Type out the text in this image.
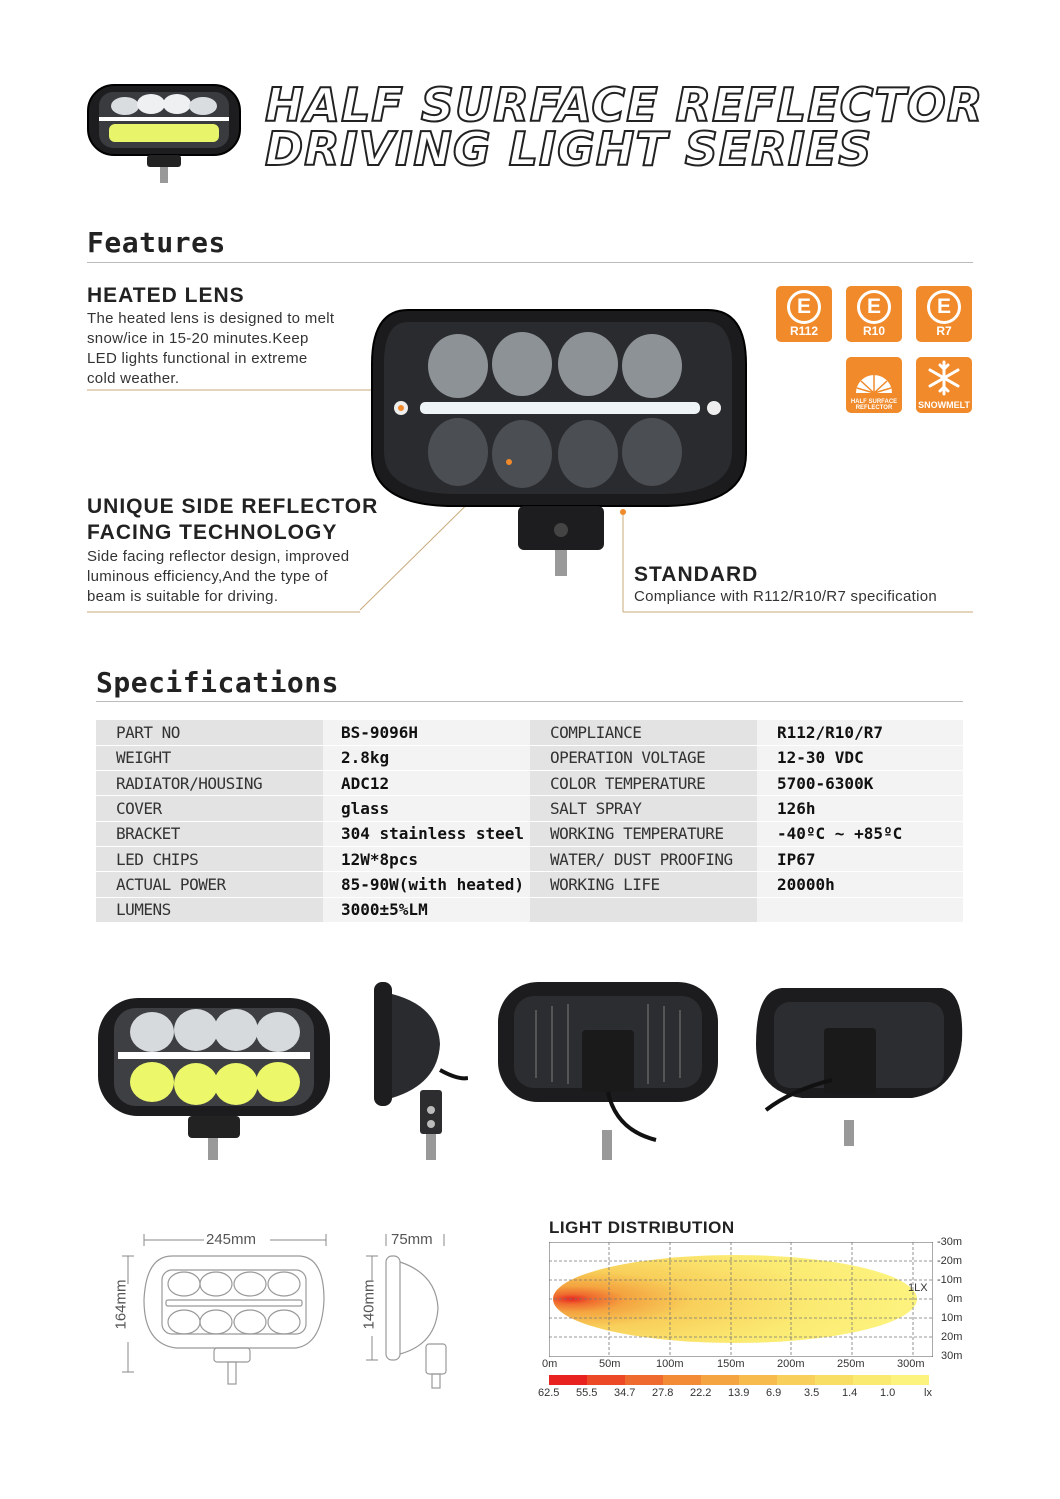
HALF SURFACE REFLECTOR
DRIVING LIGHT SERIES
Features
HEATED LENS
The heated lens is designed to melt
snow/ice in 15-20 minutes.Keep
LED lights functional in extreme
cold weather.
UNIQUE SIDE REFLECTOR
FACING TECHNOLOGY
Side facing reflector design, improved
luminous efficiency,And the type of
beam is suitable for driving.
STANDARD
Compliance with R112/R10/R7 specification
E
R112
E
R10
E
R7
HALF SURFACE
REFLECTOR	SNOWMELT
Specifications
PART NO	BS-9096H	COMPLIANCE	R112/R10/R7
WEIGHT	2.8kg	OPERATION VOLTAGE	12-30 VDC
RADIATOR/HOUSING	ADC12	COLOR TEMPERATURE	5700-6300K
COVER	glass	SALT SPRAY	126h
BRACKET	304 stainless steel	WORKING TEMPERATURE	-40ºC ~ +85ºC
LED CHIPS	12W*8pcs	WATER/ DUST PROOFING	IP67
ACTUAL POWER	85-90W(with heated)	WORKING LIFE	20000h
LUMENS	3000±5%LM		
245mm	75mm
164mm	140mm
LIGHT DISTRIBUTION
1LX
0m	50m	100m	150m	200m	250m	300m
-30m
-20m
-10m
0m
10m
20m
30m
62.5 55.5 34.7 27.8 22.2 13.9 6.9 3.5 1.4 1.0	lx
